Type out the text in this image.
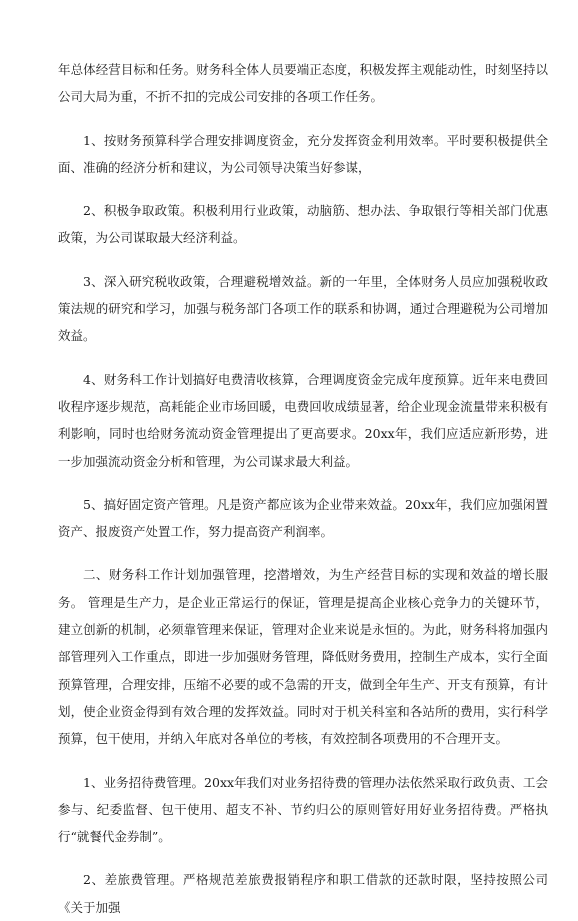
年总体经营目标和任务。财务科全体人员要端正态度，积极发挥主观能动性，时刻坚持以公司大局为重，不折不扣的完成公司安排的各项工作任务。

1、按财务预算科学合理安排调度资金，充分发挥资金利用效率。平时要积极提供全面、准确的经济分析和建议，为公司领导决策当好参谋，

2、积极争取政策。积极利用行业政策，动脑筋、想办法、争取银行等相关部门优惠政策，为公司谋取最大经济利益。

3、深入研究税收政策，合理避税增效益。新的一年里，全体财务人员应加强税收政策法规的研究和学习，加强与税务部门各项工作的联系和协调，通过合理避税为公司增加效益。

4、财务科工作计划搞好电费清收核算，合理调度资金完成年度预算。近年来电费回收程序逐步规范，高耗能企业市场回暖，电费回收成绩显著，给企业现金流量带来积极有利影响，同时也给财务流动资金管理提出了更高要求。20xx年，我们应适应新形势，进一步加强流动资金分析和管理，为公司谋求最大利益。

5、搞好固定资产管理。凡是资产都应该为企业带来效益。20xx年，我们应加强闲置资产、报废资产处置工作，努力提高资产利润率。

二、财务科工作计划加强管理，挖潜增效，为生产经营目标的实现和效益的增长服务。 管理是生产力，是企业正常运行的保证，管理是提高企业核心竞争力的关键环节，建立创新的机制，必须靠管理来保证，管理对企业来说是永恒的。为此，财务科将加强内部管理列入工作重点，即进一步加强财务管理，降低财务费用，控制生产成本，实行全面预算管理，合理安排，压缩不必要的或不急需的开支，做到全年生产、开支有预算，有计划，使企业资金得到有效合理的发挥效益。同时对于机关科室和各站所的费用，实行科学预算，包干使用，并纳入年底对各单位的考核，有效控制各项费用的不合理开支。

1、业务招待费管理。20xx年我们对业务招待费的管理办法依然采取行政负责、工会参与、纪委监督、包干使用、超支不补、节约归公的原则管好用好业务招待费。严格执行“就餐代金券制”。

2、差旅费管理。严格规范差旅费报销程序和职工借款的还款时限，坚持按照公司《关于加强
